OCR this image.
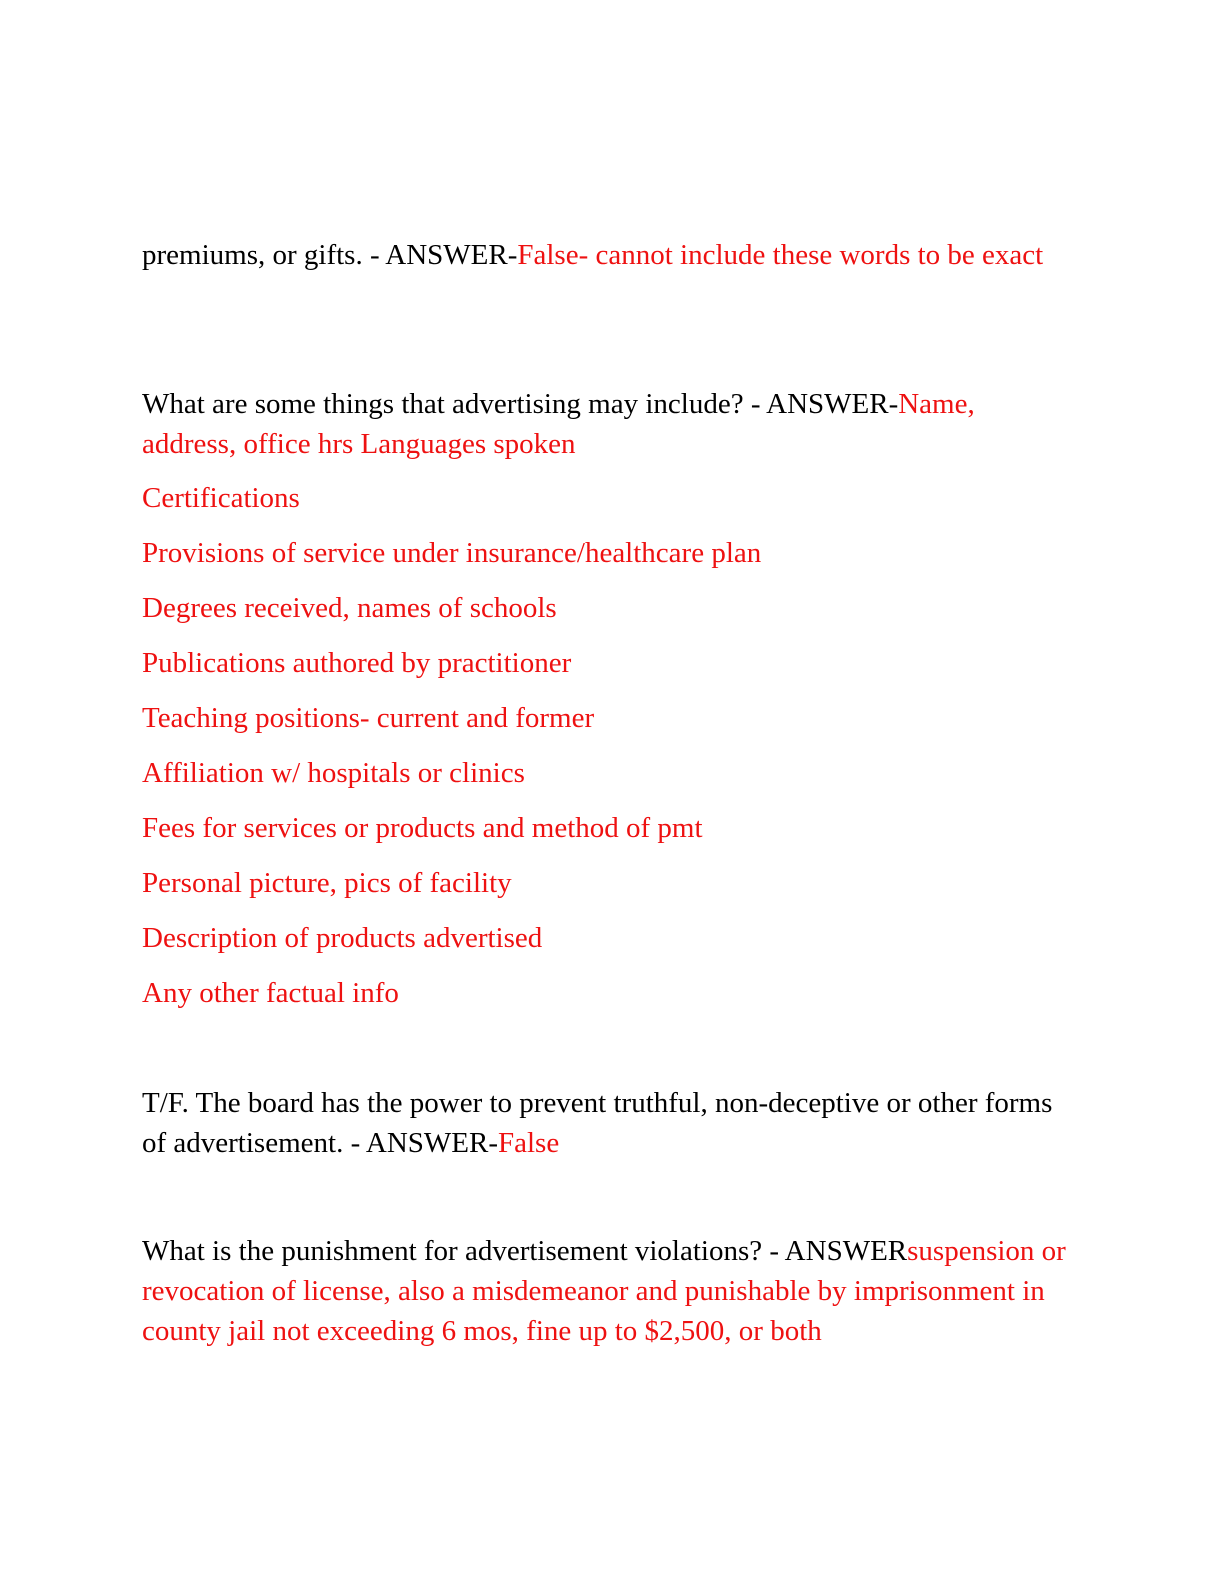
premiums, or gifts. - ANSWER-False- cannot include these words to be exact

What are some things that advertising may include? - ANSWER-Name, address, office hrs Languages spoken

Certifications

Provisions of service under insurance/healthcare plan

Degrees received, names of schools

Publications authored by practitioner

Teaching positions- current and former

Affiliation w/ hospitals or clinics

Fees for services or products and method of pmt

Personal picture, pics of facility

Description of products advertised

Any other factual info

T/F. The board has the power to prevent truthful, non-deceptive or other forms of advertisement. - ANSWER-False

What is the punishment for advertisement violations? - ANSWERsuspension or revocation of license, also a misdemeanor and punishable by imprisonment in county jail not exceeding 6 mos, fine up to $2,500, or both
